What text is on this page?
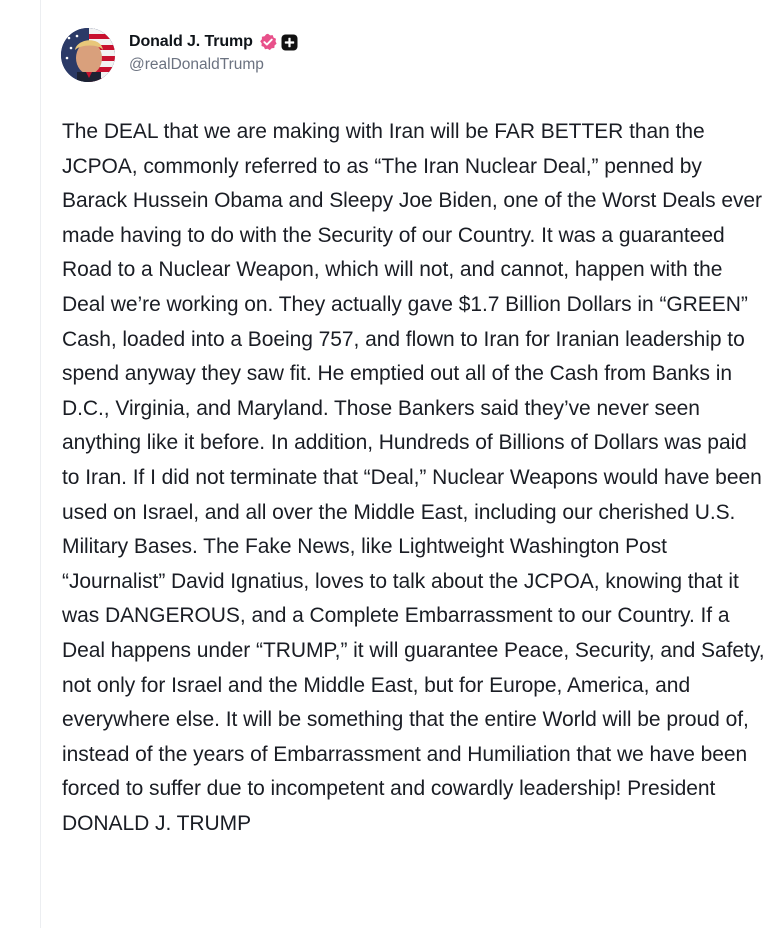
Donald J. Trump
@realDonaldTrump
The DEAL that we are making with Iran will be FAR BETTER than the JCPOA, commonly referred to as “The Iran Nuclear Deal,” penned by Barack Hussein Obama and Sleepy Joe Biden, one of the Worst Deals ever made having to do with the Security of our Country. It was a guaranteed Road to a Nuclear Weapon, which will not, and cannot, happen with the Deal we’re working on. They actually gave $1.7 Billion Dollars in “GREEN” Cash, loaded into a Boeing 757, and flown to Iran for Iranian leadership to spend anyway they saw fit. He emptied out all of the Cash from Banks in D.C., Virginia, and Maryland. Those Bankers said they’ve never seen anything like it before. In addition, Hundreds of Billions of Dollars was paid to Iran. If I did not terminate that “Deal,” Nuclear Weapons would have been used on Israel, and all over the Middle East, including our cherished U.S. Military Bases. The Fake News, like Lightweight Washington Post “Journalist” David Ignatius, loves to talk about the JCPOA, knowing that it was DANGEROUS, and a Complete Embarrassment to our Country. If a Deal happens under “TRUMP,” it will guarantee Peace, Security, and Safety, not only for Israel and the Middle East, but for Europe, America, and everywhere else. It will be something that the entire World will be proud of, instead of the years of Embarrassment and Humiliation that we have been forced to suffer due to incompetent and cowardly leadership! President DONALD J. TRUMP
